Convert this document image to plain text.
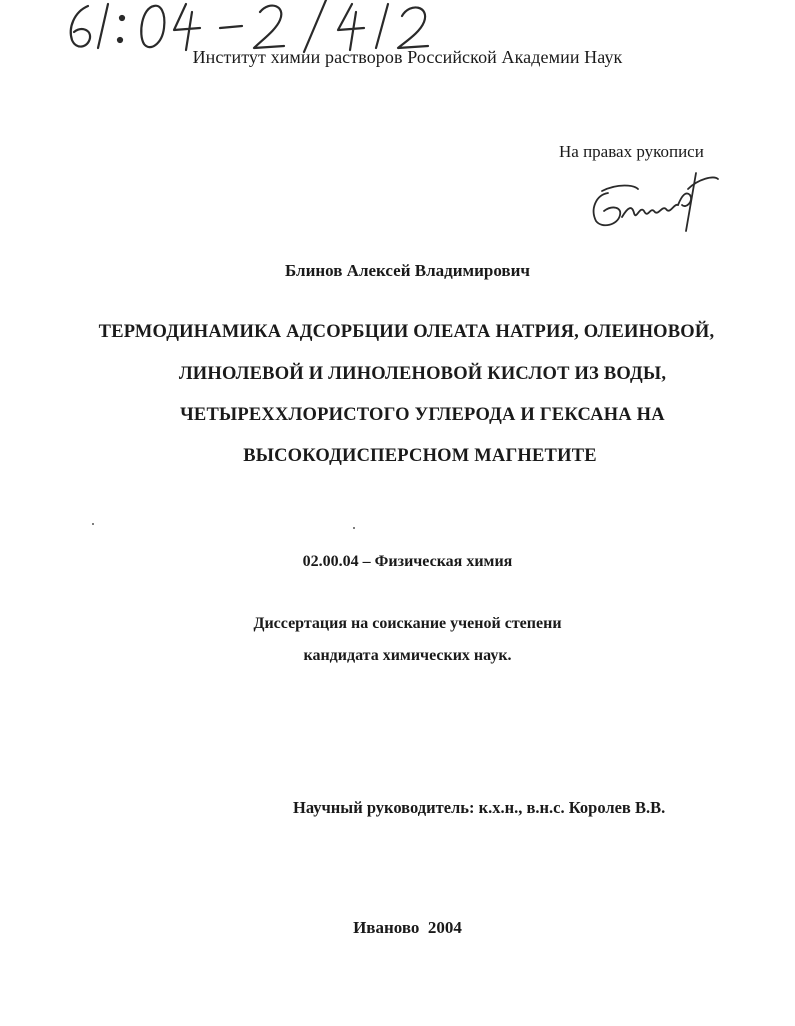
Институт химии растворов Российской Академии Наук
На правах рукописи
Блинов Алексей Владимирович
ТЕРМОДИНАМИКА АДСОРБЦИИ ОЛЕАТА НАТРИЯ, ОЛЕИНОВОЙ,
ЛИНОЛЕВОЙ И ЛИНОЛЕНОВОЙ КИСЛОТ ИЗ ВОДЫ,
ЧЕТЫРЕХХЛОРИСТОГО УГЛЕРОДА И ГЕКСАНА НА
ВЫСОКОДИСПЕРСНОМ МАГНЕТИТЕ
02.00.04 – Физическая химия
Диссертация на соискание ученой степени
кандидата химических наук.
Научный руководитель: к.х.н., в.н.с. Королев В.В.
Иваново  2004
